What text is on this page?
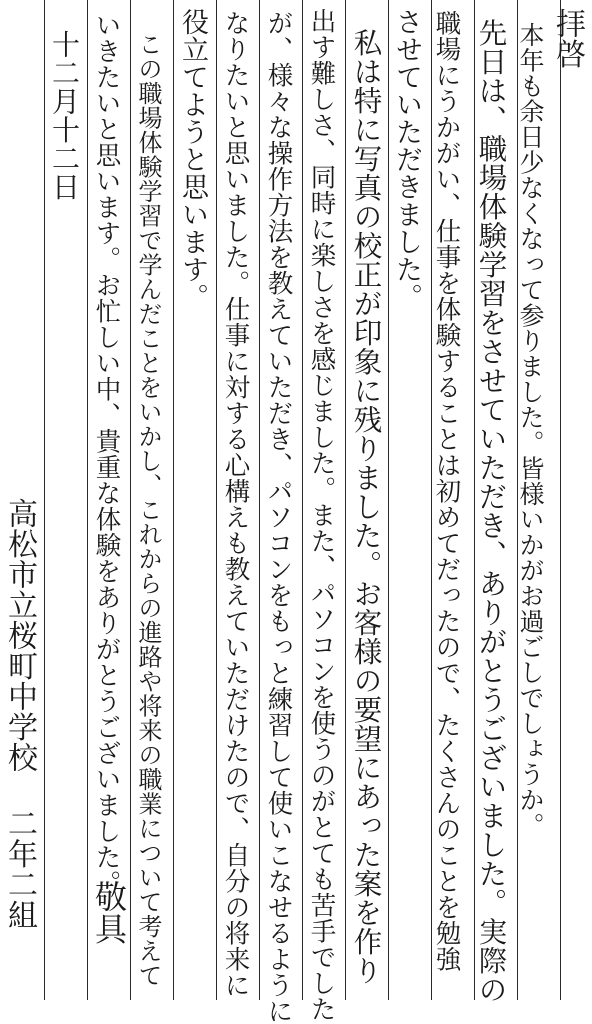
拝啓
本年も余日少なくなって参りました。皆様いかがお過ごしでしょうか。
先日は、職場体験学習をさせていただき、ありがとうございました。実際の
職場にうかがい、仕事を体験することは初めてだったので、たくさんのことを勉強
させていただきました。
私は特に写真の校正が印象に残りました。お客様の要望にあった案を作り
出す難しさ、同時に楽しさを感じました。また、パソコンを使うのがとても苦手でした
が、様々な操作方法を教えていただき、パソコンをもっと練習して使いこなせるように
なりたいと思いました。仕事に対する心構えも教えていただけたので、自分の将来に
役立てようと思います。
この職場体験学習で学んだことをいかし、これからの進路や将来の職業について考えて
いきたいと思います。お忙しい中、貴重な体験をありがとうございました。
敬具
十二月十二日
高松市立桜町中学校 二年二組
